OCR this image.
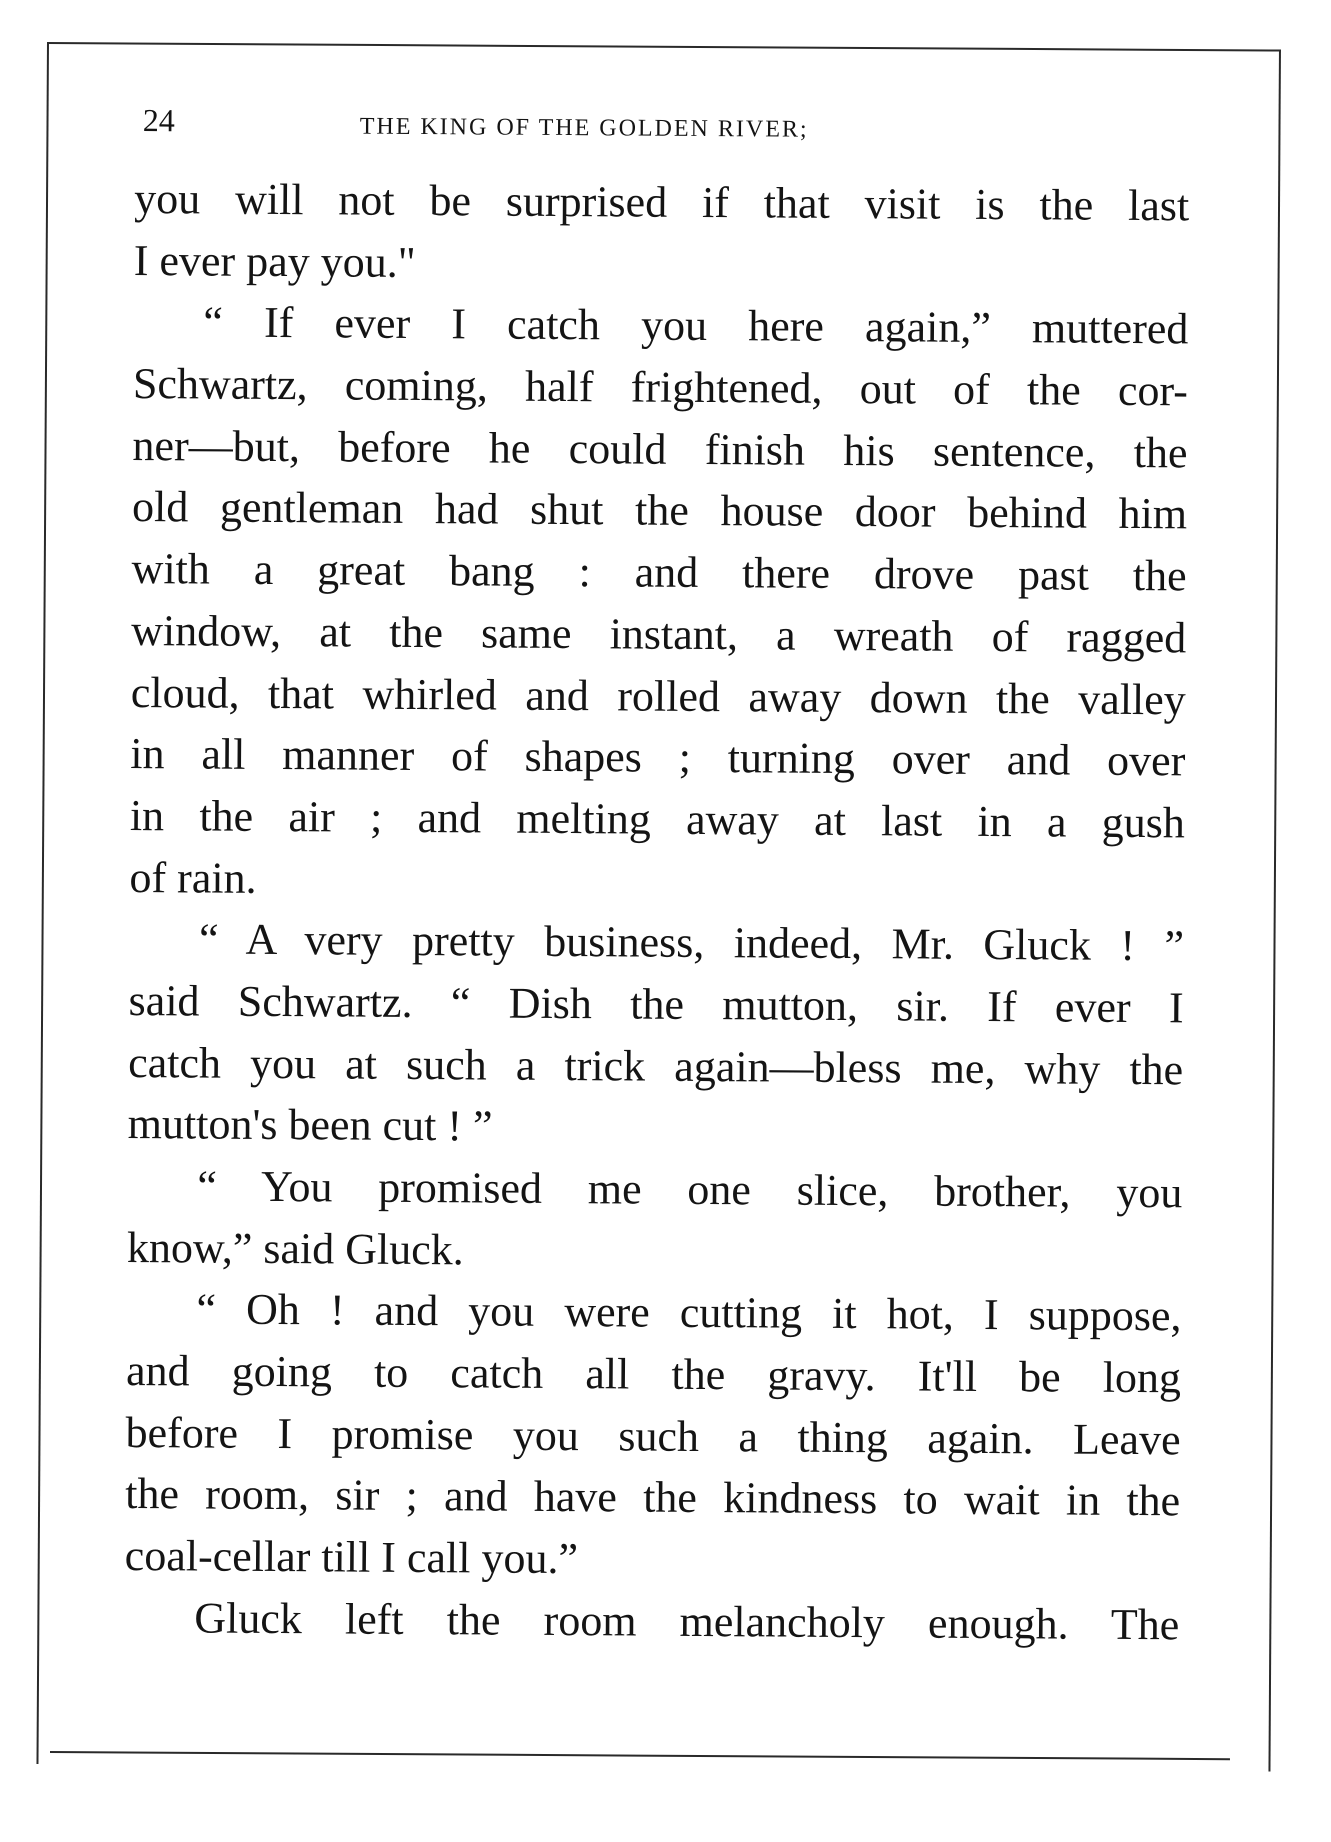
24	THE KING OF THE GOLDEN RIVER;
you will not be surprised if that visit is the last
I ever pay you."
“ If ever I catch you here again,” muttered
Schwartz, coming, half frightened, out of the cor-
ner—but, before he could finish his sentence, the
old gentleman had shut the house door behind him
with a great bang : and there drove past the
window, at the same instant, a wreath of ragged
cloud, that whirled and rolled away down the valley
in all manner of shapes ; turning over and over
in the air ; and melting away at last in a gush
of rain.
“ A very pretty business, indeed, Mr. Gluck ! ”
said Schwartz. “ Dish the mutton, sir. If ever I
catch you at such a trick again—bless me, why the
mutton's been cut ! ”
“ You promised me one slice, brother, you
know,” said Gluck.
“ Oh ! and you were cutting it hot, I suppose,
and going to catch all the gravy. It'll be long
before I promise you such a thing again. Leave
the room, sir ; and have the kindness to wait in the
coal-cellar till I call you.”
Gluck left the room melancholy enough. The
